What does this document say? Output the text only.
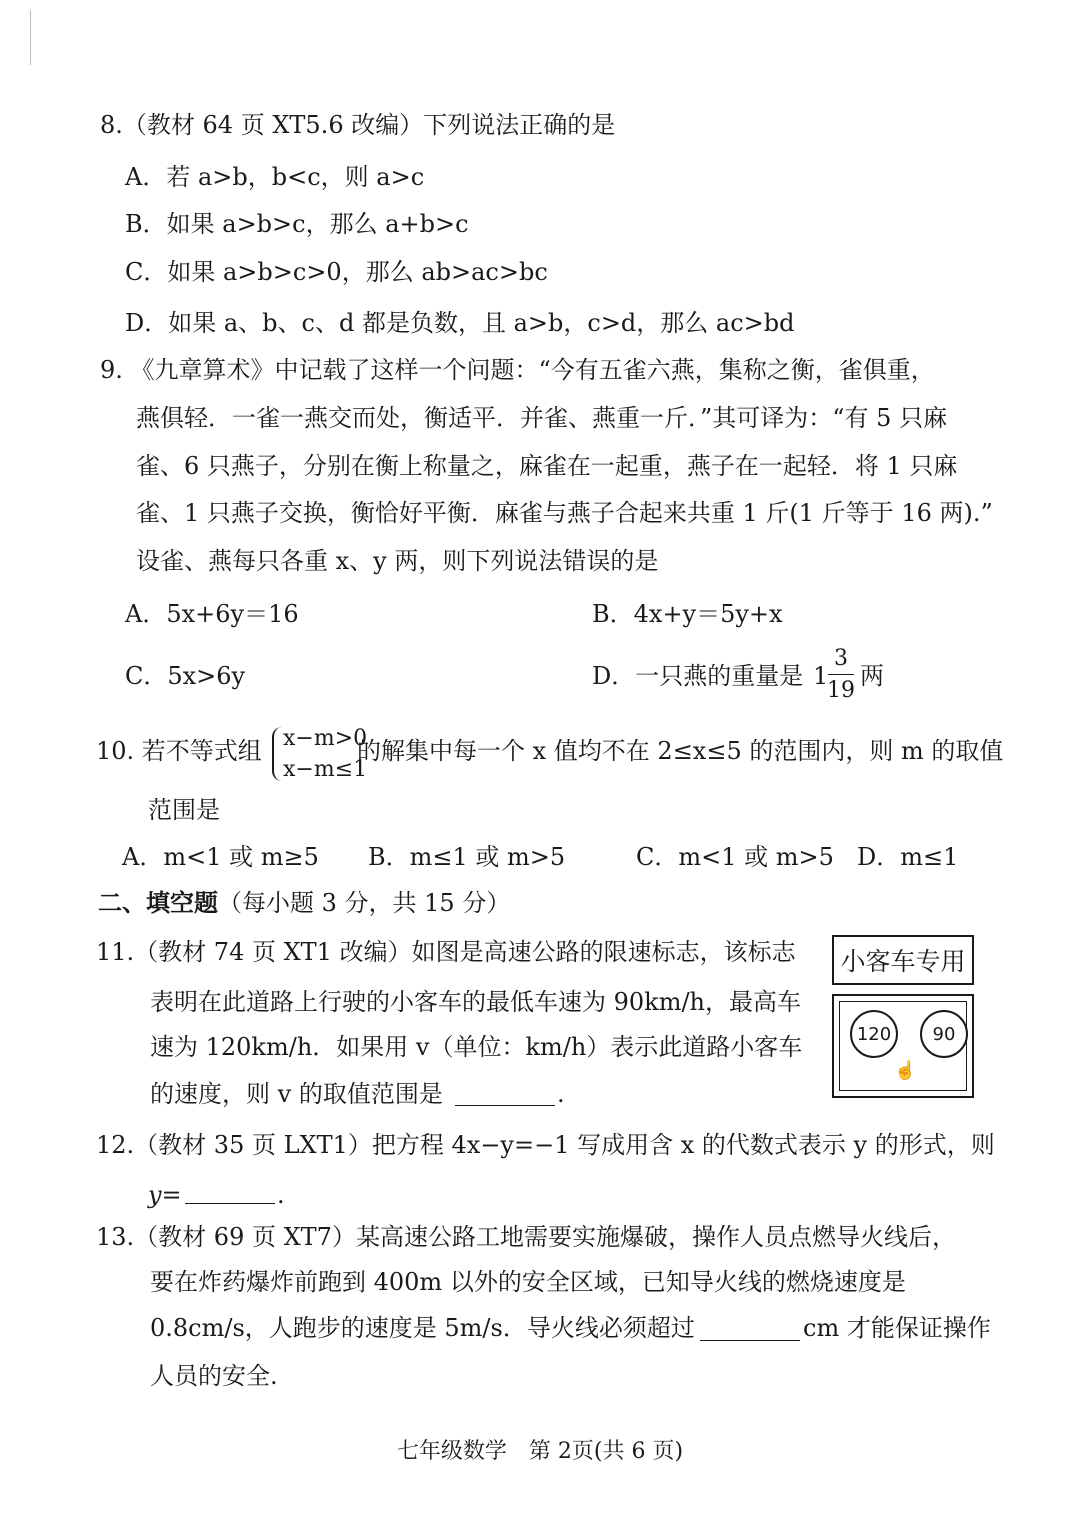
8.（教材 64 页 XT5.6 改编）下列说法正确的是
A．若 a>b，b<c，则 a>c
B．如果 a>b>c，那么 a+b>c
C．如果 a>b>c>0，那么 ab>ac>bc
D．如果 a、b、c、d 都是负数，且 a>b，c>d，那么 ac>bd
9. 《九章算术》中记载了这样一个问题：“今有五雀六燕，集称之衡，雀俱重，
燕俱轻．一雀一燕交而处，衡适平．并雀、燕重一斤．”其可译为：“有 5 只麻
雀、6 只燕子，分别在衡上称量之，麻雀在一起重，燕子在一起轻．将 1 只麻
雀、1 只燕子交换，衡恰好平衡．麻雀与燕子合起来共重 1 斤(1 斤等于 16 两).”
设雀、燕每只各重 x、y 两，则下列说法错误的是
A．5x+6y＝16	B．4x+y＝5y+x
C．5x>6y	D．一只燕的重量是 1
3
19
两
10. 若不等式组 x−m>0
x−m≤1
的解集中每一个 x 值均不在 2≤x≤5 的范围内，则 m 的取值
范围是
A．m<1 或 m≥5 B．m≤1 或 m>5	C．m<1 或 m>5 D．m≤1
二、填空题（每小题 3 分，共 15 分）
11.（教材 74 页 XT1 改编）如图是高速公路的限速标志，该标志
表明在此道路上行驶的小客车的最低车速为 90km/h，最高车
速为 120km/h．如果用 v（单位：km/h）表示此道路小客车
的速度，则 v 的取值范围是	.
小客车专用
120	90
☝
12.（教材 35 页 LXT1）把方程 4x−y=−1 写成用含 x 的代数式表示 y 的形式，则
y=	.
13.（教材 69 页 XT7）某高速公路工地需要实施爆破，操作人员点燃导火线后，
要在炸药爆炸前跑到 400m 以外的安全区域，已知导火线的燃烧速度是
0.8cm/s，人跑步的速度是 5m/s．导火线必须超过	cm 才能保证操作
人员的安全.
七年级数学　第 2页(共 6 页)
